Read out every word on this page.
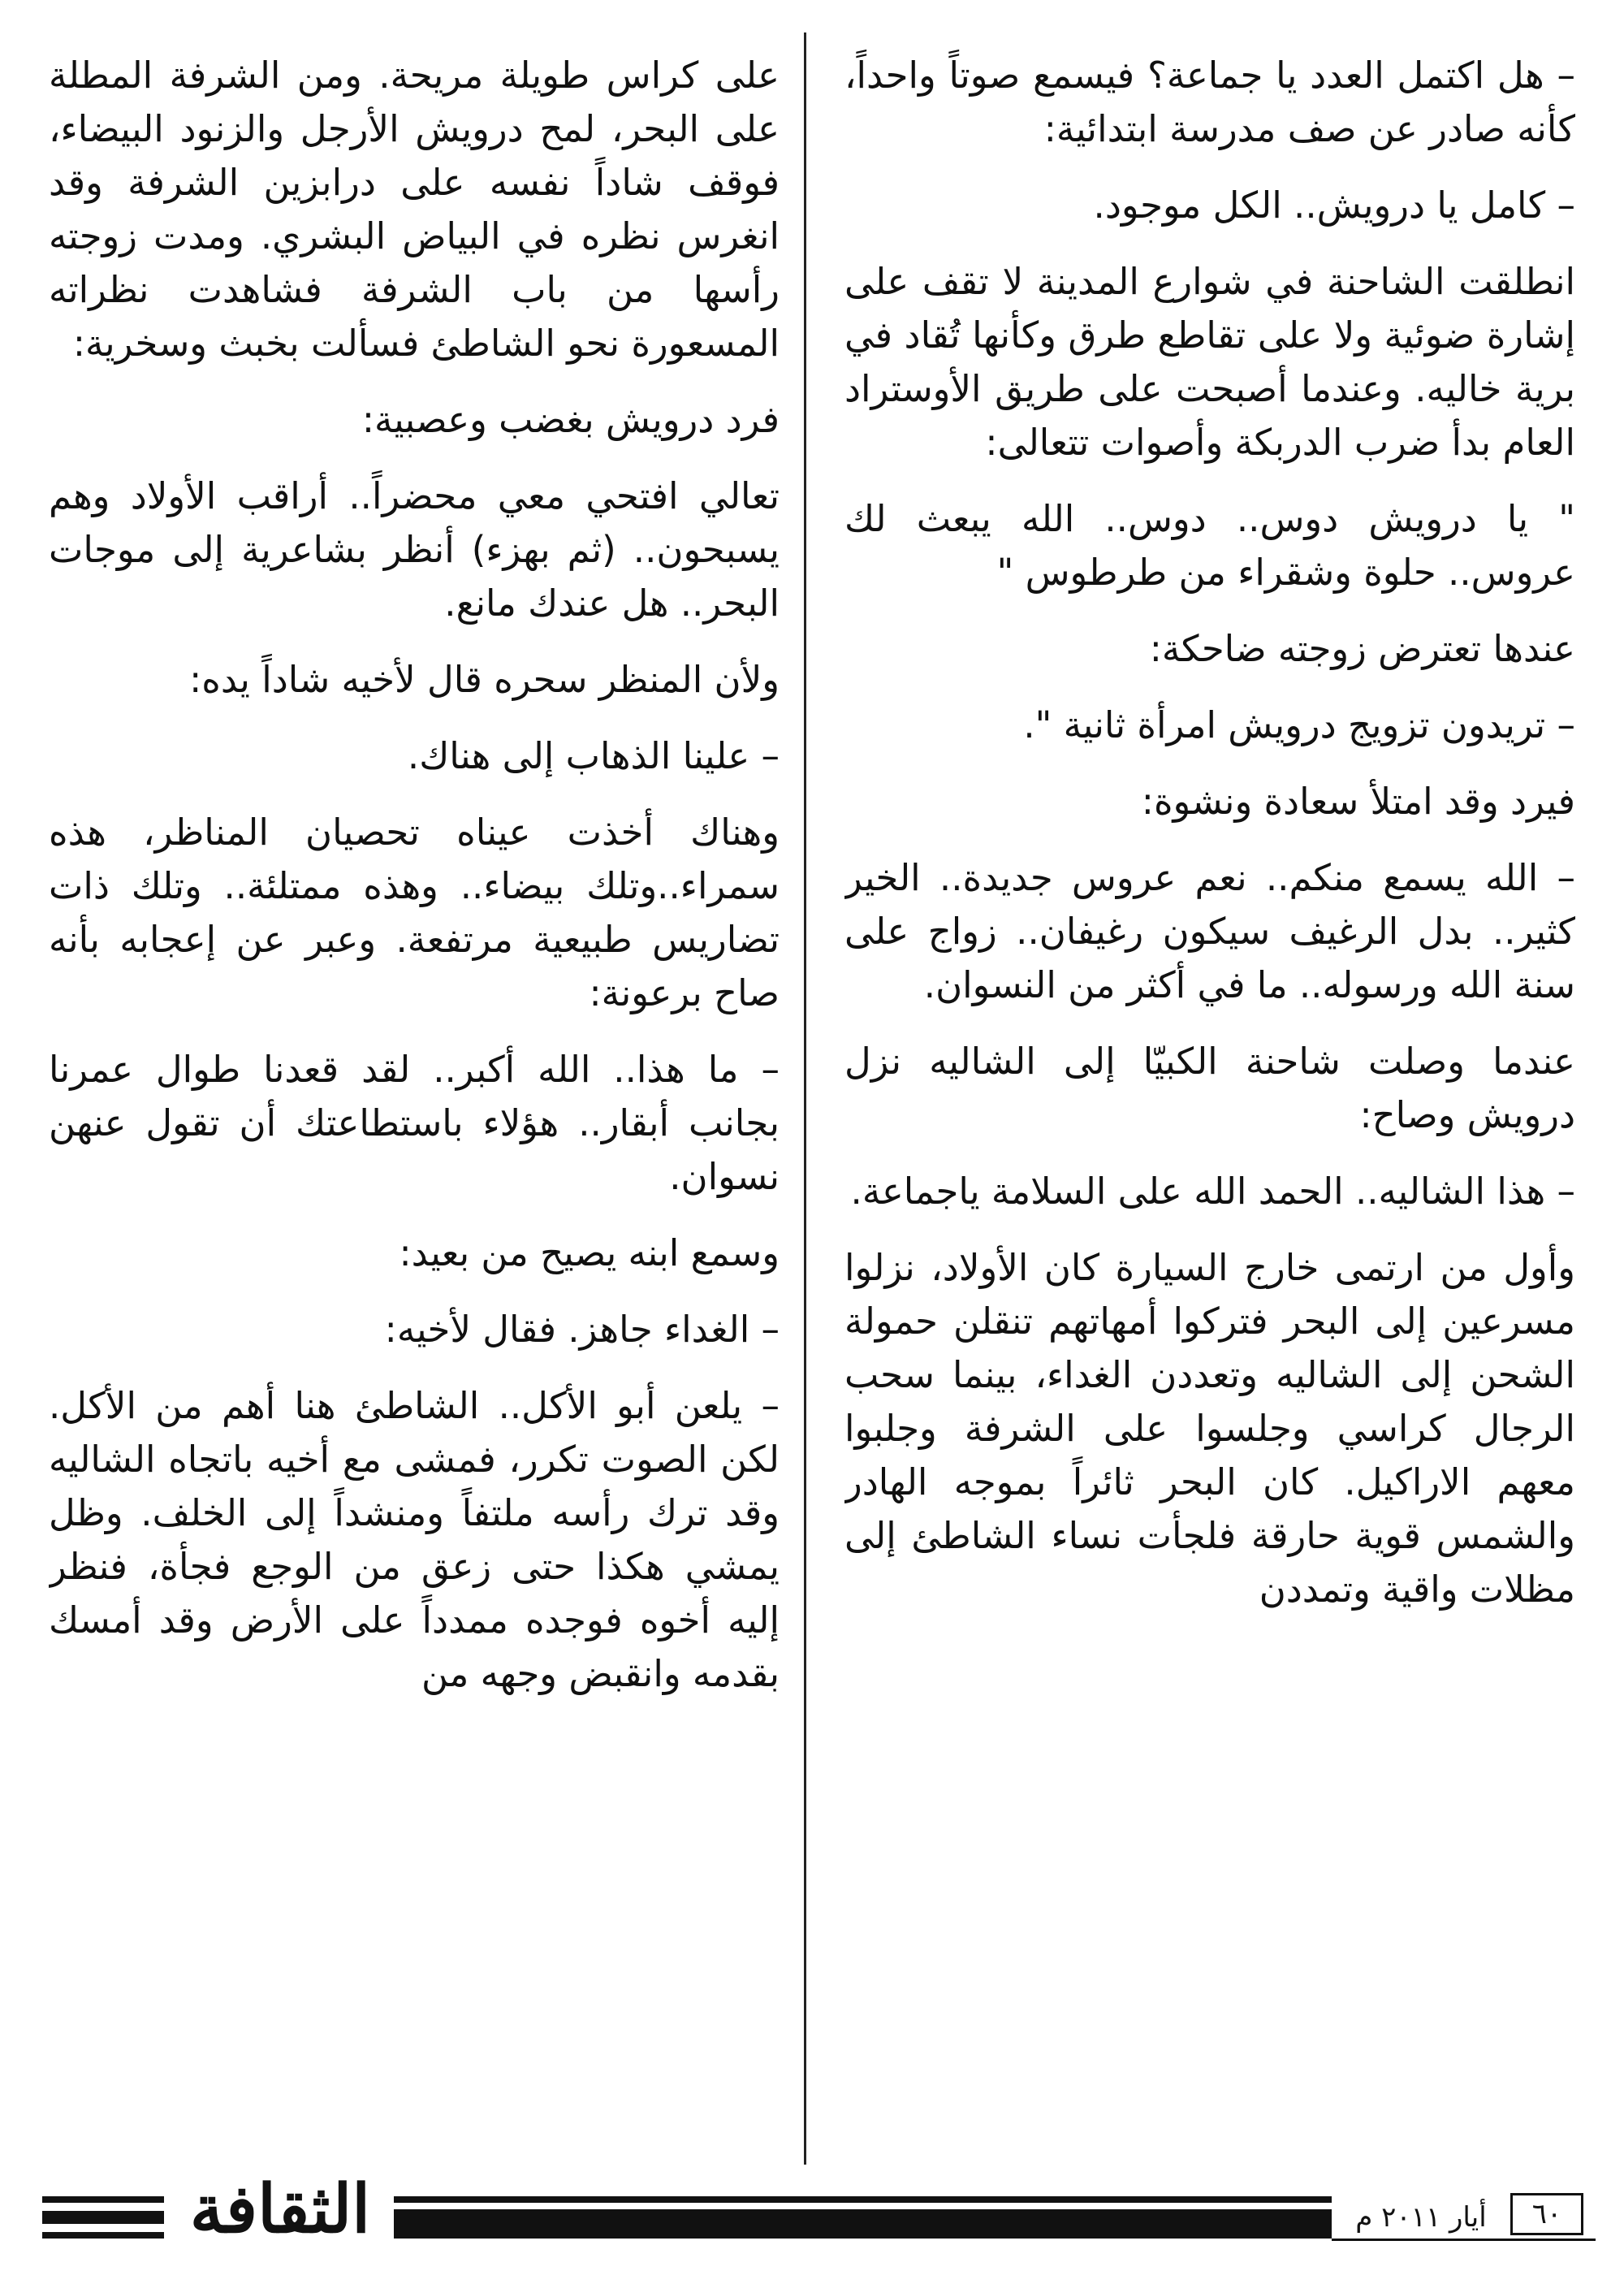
– هل اكتمل العدد يا جماعة؟ فيسمع صوتاً واحداً، كأنه صادر عن صف مدرسة ابتدائية:

– كامل يا درويش.. الكل موجود.

انطلقت الشاحنة في شوارع المدينة لا تقف على إشارة ضوئية ولا على تقاطع طرق وكأنها تُقاد في برية خاليه. وعندما أصبحت على طريق الأوستراد العام بدأ ضرب الدربكة وأصوات تتعالى:

" يا درويش دوس.. دوس.. الله يبعث لك عروس.. حلوة وشقراء من طرطوس "

عندها تعترض زوجته ضاحكة:

– تريدون تزويج درويش امرأة ثانية ".

فيرد وقد امتلأ سعادة ونشوة:

– الله يسمع منكم.. نعم عروس جديدة.. الخير كثير.. بدل الرغيف سيكون رغيفان.. زواج على سنة الله ورسوله.. ما في أكثر من النسوان.

عندما وصلت شاحنة الكبيّا إلى الشاليه نزل درويش وصاح:

– هذا الشاليه.. الحمد الله على السلامة ياجماعة.

وأول من ارتمى خارج السيارة كان الأولاد، نزلوا مسرعين إلى البحر فتركوا أمهاتهم تنقلن حمولة الشحن إلى الشاليه وتعددن الغداء، بينما سحب الرجال كراسي وجلسوا على الشرفة وجلبوا معهم الاراكيل. كان البحر ثائراً بموجه الهادر والشمس قوية حارقة فلجأت نساء الشاطئ إلى مظلات واقية وتمددن

على كراس طويلة مريحة. ومن الشرفة المطلة على البحر، لمح درويش الأرجل والزنود البيضاء، فوقف شاداً نفسه على درابزين الشرفة وقد انغرس نظره في البياض البشري. ومدت زوجته رأسها من باب الشرفة فشاهدت نظراته المسعورة نحو الشاطئ فسألت بخبث وسخرية:

فرد درويش بغضب وعصبية:

تعالي افتحي معي محضراً.. أراقب الأولاد وهم يسبحون.. (ثم بهزء) أنظر بشاعرية إلى موجات البحر.. هل عندك مانع.

ولأن المنظر سحره قال لأخيه شاداً يده:

– علينا الذهاب إلى هناك.

وهناك أخذت عيناه تحصيان المناظر، هذه سمراء..وتلك بيضاء.. وهذه ممتلئة.. وتلك ذات تضاريس طبيعية مرتفعة. وعبر عن إعجابه بأنه صاح برعونة:

– ما هذا.. الله أكبر.. لقد قعدنا طوال عمرنا بجانب أبقار.. هؤلاء باستطاعتك أن تقول عنهن نسوان.

وسمع ابنه يصيح من بعيد:

– الغداء جاهز. فقال لأخيه:

– يلعن أبو الأكل.. الشاطئ هنا أهم من الأكل. لكن الصوت تكرر، فمشى مع أخيه باتجاه الشاليه وقد ترك رأسه ملتفاً ومنشداً إلى الخلف. وظل يمشي هكذا حتى زعق من الوجع فجأة، فنظر إليه أخوه فوجده ممدداً على الأرض وقد أمسك بقدمه وانقبض وجهه من

الثقافة	أيار ٢٠١١ م	٦٠
